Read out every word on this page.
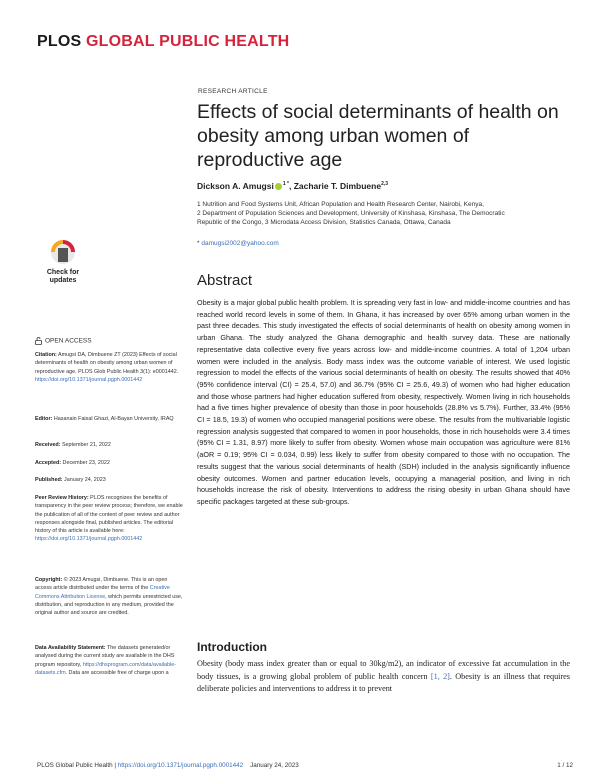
PLOS GLOBAL PUBLIC HEALTH
RESEARCH ARTICLE
Effects of social determinants of health on obesity among urban women of reproductive age
Dickson A. Amugsi $^{1 *}$, Zacharie T. Dimbuene$^{2,3}$
1 Nutrition and Food Systems Unit, African Population and Health Research Center, Nairobi, Kenya,
2 Department of Population Sciences and Development, University of Kinshasa, Kinshasa, The Democratic
Republic of the Congo, 3 Microdata Access Division, Statistics Canada, Ottawa, Canada
* damugsi2002@yahoo.com
Abstract
Obesity is a major global public health problem. It is spreading very fast in low- and middle-income countries and has reached world record levels in some of them. In Ghana, it has increased by over 65% among urban women in the past three decades. This study investigated the effects of social determinants of health on obesity among women in urban Ghana. The study analyzed the Ghana demographic and health survey data. These are nationally representative data collective every five years across low- and middle-income countries. A total of 1,204 urban women were included in the analysis. Body mass index was the outcome variable of interest. We used logistic regression to model the effects of the various social determinants of health on obesity. The results showed that 40% (95% confidence interval (CI) = 25.4, 57.0) and 36.7% (95% CI = 25.6, 49.3) of women who had higher education and those whose partners had higher education suffered from obesity, respectively. Women living in rich households had a five times higher prevalence of obesity than those in poor households (28.8% vs 5.7%). Further, 33.4% (95% CI = 18.5, 19.3) of women who occupied managerial positions were obese. The results from the multivariable logistic regression analysis suggested that compared to women in poor households, those in rich households were 3.4 times (95% CI = 1.31, 8.97) more likely to suffer from obesity. Women whose main occupation was agriculture were 81% (aOR = 0.19; 95% CI = 0.034, 0.99) less likely to suffer from obesity compared to those with no occupation. The results suggest that the various social determinants of health (SDH) included in the analysis significantly influence obesity outcomes. Women and partner education levels, occupying a managerial position, and living in rich households increase the risk of obesity. Interventions to address the rising obesity in urban Ghana should have specific packages targeted at these sub-groups.
Introduction
Obesity (body mass index greater than or equal to 30kg/m2), an indicator of excessive fat accumulation in the body tissues, is a growing global problem of public health concern [1, 2]. Obesity is an illness that requires deliberate policies and interventions to address it to prevent
Check for
updates
OPEN ACCESS
Citation: Amugsi DA, Dimbuene ZT (2023) Effects of social determinants of health on obesity among urban women of reproductive age. PLOS Glob Public Health 3(1): e0001442. https://doi.org/10.1371/journal.pgph.0001442
Editor: Hasanain Faisal Ghazi, Al-Bayan University, IRAQ
Received: September 21, 2022
Accepted: December 23, 2022
Published: January 24, 2023
Peer Review History: PLOS recognizes the benefits of transparency in the peer review process; therefore, we enable the publication of all of the content of peer review and author responses alongside final, published articles. The editorial history of this article is available here: https://doi.org/10.1371/journal.pgph.0001442
Copyright: © 2023 Amugsi, Dimbuene. This is an open access article distributed under the terms of the Creative Commons Attribution License, which permits unrestricted use, distribution, and reproduction in any medium, provided the original author and source are credited.
Data Availability Statement: The datasets generated/or analysed during the current study are available in the DHS program repository, https://dhsprogram.com/data/available-datasets.cfm. Data are accessible free of charge upon a
PLOS Global Public Health | https://doi.org/10.1371/journal.pgph.0001442 January 24, 2023	1 / 12
